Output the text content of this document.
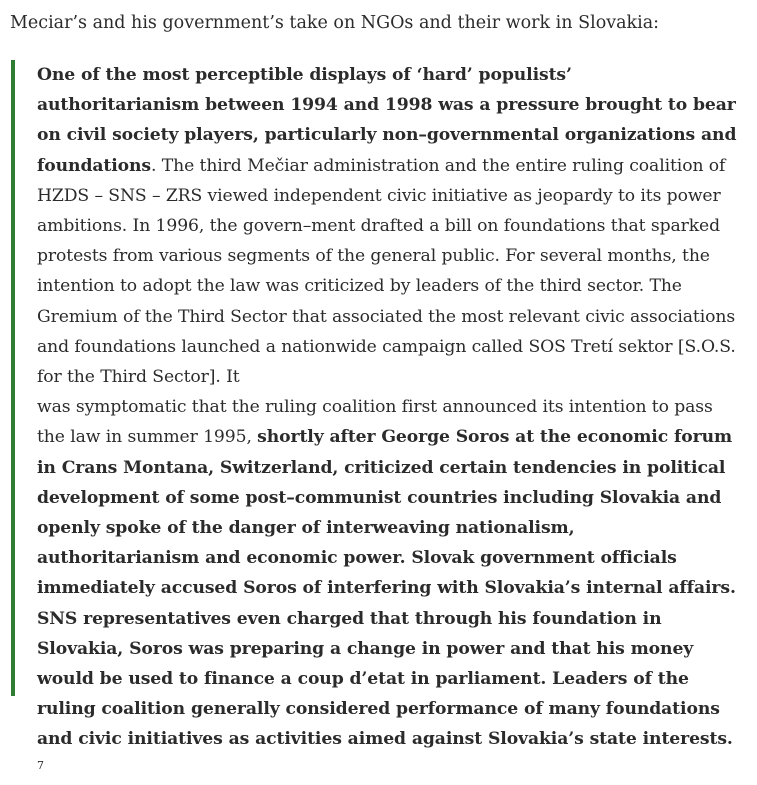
Meciar’s and his government’s take on NGOs and their work in Slovakia:

One of the most perceptible displays of ‘hard’ populists’ authoritarianism between 1994 and 1998 was a pressure brought to bear on civil society players, particularly non–governmental organizations and foundations. The third Mečiar administration and the entire ruling coalition of HZDS – SNS – ZRS viewed independent civic initiative as jeopardy to its power ambitions. In 1996, the govern–ment drafted a bill on foundations that sparked protests from various segments of the general public. For several months, the intention to adopt the law was criticized by leaders of the third sector. The Gremium of the Third Sector that associated the most relevant civic associations and foundations launched a nationwide campaign called SOS Tretí sektor [S.O.S. for the Third Sector]. It
was symptomatic that the ruling coalition first announced its intention to pass the law in summer 1995, shortly after George Soros at the economic forum in Crans Montana, Switzerland, criticized certain tendencies in political development of some post–communist countries including Slovakia and openly spoke of the danger of interweaving nationalism, authoritarianism and economic power. Slovak government officials immediately accused Soros of interfering with Slovakia’s internal affairs. SNS representatives even charged that through his foundation in Slovakia, Soros was preparing a change in power and that his money would be used to finance a coup d’etat in parliament. Leaders of the ruling coalition generally considered performance of many foundations and civic initiatives as activities aimed against Slovakia’s state interests. $^7$
